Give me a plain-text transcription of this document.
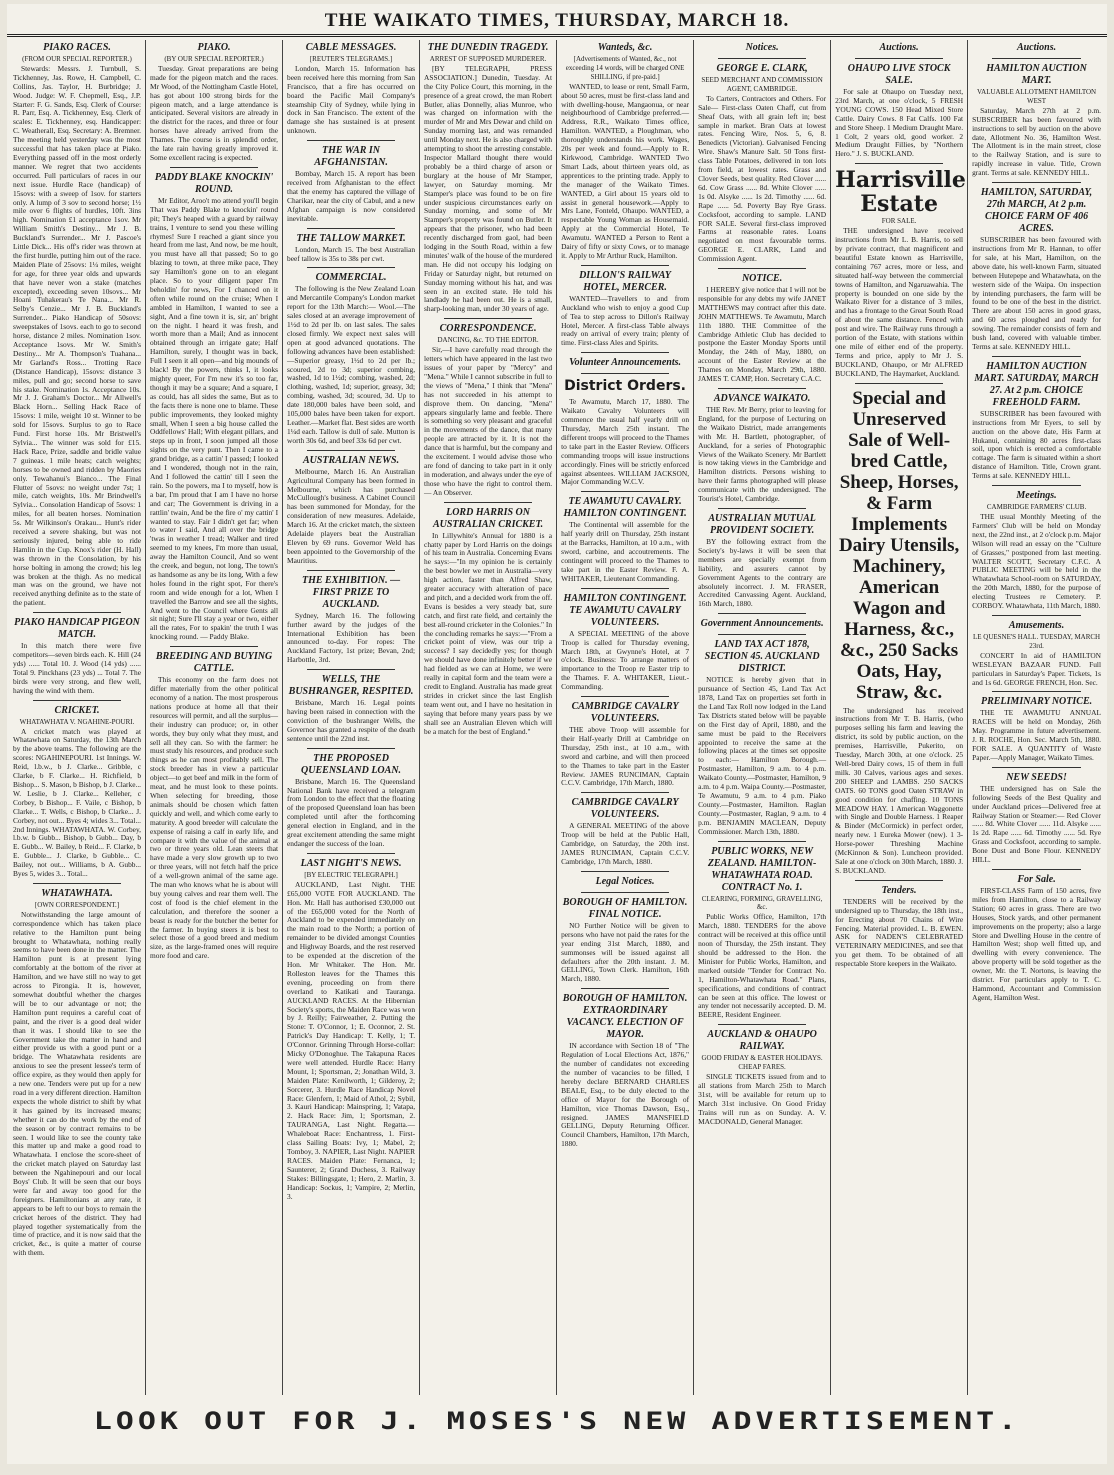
THE WAIKATO TIMES, THURSDAY, MARCH 18.
PIAKO RACES.
(FROM OUR SPECIAL REPORTER.)

Stewards: Messrs. J. Turnbull, S. Tickhenney, Jas. Rowe, H. Campbell, C. Collins, Jas. Taylor, H. Burbridge; J. Wood. Judge: W. F. Chepmell, Esq., J.P. Starter: F. G. Sands, Esq. Clerk of Course: R. Parr, Esq. A. Tickhenney, Esq. Clerk of scales: E. Tickhenney, esq. Handicapper: C. Weatherall, Esq. Secretary: A. Bremner. The meeting held yesterday was the most successful that has taken place at Piako. Everything passed off in the most orderly manner. We regret that two accidents occurred. Full particulars of races in our next issue. Hurdle Race (handicap) of 15sovs: with a sweep of 1sov. for starters only. A lump of 3 sov to second horse; 1½ mile over 6 flights of hurdles, 10ft. 3ins high. Nomination £1 acceptance 1sov. Mr William Smith's Destiny... Mr J. B. Buckland's Surrender... Mr J. Pascoe's Little Dick... His off's rider was thrown at the first hurdle, putting him out of the race. Maiden Plate of 25sovs: 1¼ miles, weight for age, for three year olds and upwards that have never won a stake (matches excepted), exceeding seven 10sovs... Mr Hoani Tuhakerau's Te Nana... Mr R. Selby's Cenzie... Mr J. B. Buckland's Surrender... Piako Handicap of 50sovs: sweepstakes of 1sovs. each to go to second horse, distance 2 miles. Nomination 1sov. Acceptance 1sovs. Mr W. Smith's Destiny... Mr A. Thompson's Tuahana... Mr Garland's Ross... Trotting Race (Distance Handicap), 15sovs: distance 3 miles, pull and go; second horse to save his stake. Nomination 1s. Acceptance 10s. Mr J. J. Graham's Doctor... Mr Allwell's Black Horn... Selling Hack Race of 15sovs: 1 mile, weight 10 st. Winner to be sold for 15sovs. Surplus to go to Race Fund. First horse 10s. Mr Bristwell's Sylvia... The winner was sold for £15. Hack Race, Prize, saddle and bridle value 7 guineas. 1 mile heats; catch weights; horses to be owned and ridden by Maories only. Tewahanui's Bianco... The Final Flutter of 5sovs: no weight under 7st; 1 mile, catch weights, 10s. Mr Brindwell's Sylvia... Consolation Handicap of 5sovs: 1 miles, for all beaten horses. Nomination 5s. Mr Wilkinson's Orakau... Hunt's rider received a severe shaking, but was not seriously injured, being able to ride Hamlin in the Cup. Knox's rider (H. Hall) was thrown in the Consolation, by his horse bolting in among the crowd; his leg was broken at the thigh. As no medical man was on the ground, we have not received anything definite as to the state of the patient.

PIAKO HANDICAP PIGEON MATCH.

In this match there were five competitors—seven birds each. K. Hill (24 yds) ...... Total 10. J. Wood (14 yds) ...... Total 9. Pinckhans (23 yds) ... Total 7. The birds were very strong, and flew well, having the wind with them.

CRICKET.
WHATAWHATA V. NGAHINE-POURI.

A cricket match was played at Whatawhata on Saturday, the 13th March by the above teams. The following are the scores: NGAHINEPOURI. 1st Innings. W. Reid, l.b.w., b J. Clarke... Gribble, c Clarke, b F. Clarke... H. Richfield, b Bishop... S. Mason, b Bishop, b J. Clarke... W. Leslie, b J. Clarke... Kelleher, c Corbey, b Bishop... F. Vaile, c Bishop, b Clarke... T. Wells, c Bishop, b Clarke... J. Corbey, not out... Byes 4; wides 3... Total... 2nd Innings. WHATAWHATA. W. Corbey, l.b.w. b Gubb... Bishop, b Gubb... Day, b E. Gubb... W. Bailey, b Reid... F. Clarke, b E. Gubble... J. Clarke, b Gubble... C. Bailey, not out... Williams, b A. Gubb... Byes 5, wides 3... Total...

WHATAWHATA.
[OWN CORRESPONDENT.]

Notwithstanding the large amount of correspondence which has taken place relative to the Hamilton punt being brought to Whatawhata, nothing really seems to have been done in the matter. The Hamilton punt is at present lying comfortably at the bottom of the river at Hamilton, and we have still no way to get across to Pirongia. It is, however, somewhat doubtful whether the charges will be to our advantage or not; the Hamilton punt requires a careful coat of paint, and the river is a good deal wider than it was. I should like to see the Government take the matter in hand and either provide us with a good punt or a bridge. The Whatawhata residents are anxious to see the present lessee's term of office expire, as they would then apply for a new one. Tenders were put up for a new road in a very different direction. Hamilton expects the whole district to shift by what it has gained by its increased means; whether it can do the work by the end of the season or by contract remains to be seen. I would like to see the county take this matter up and make a good road to Whatawhata. I enclose the score-sheet of the cricket match played on Saturday last between the Ngahinepouri and our local Boys' Club. It will be seen that our boys were far and away too good for the foreigners. Hamiltonians at any rate, it appears to be left to our boys to remain the cricket heroes of the district. They had played together systematically from the time of practice, and it is now said that the cricket, &c., is quite a matter of course with them.

PIAKO.
(BY OUR SPECIAL REPORTER.)

Tuesday. Great preparations are being made for the pigeon match and the races. Mr Wood, of the Nottingham Castle Hotel, has got about 100 strong birds for the pigeon match, and a large attendance is anticipated. Several visitors are already in the district for the races, and three or four horses have already arrived from the Thames. The course is in splendid order, the late rain having greatly improved it. Some excellent racing is expected.

PADDY BLAKE KNOCKIN' ROUND.

Mr Editor, Aroo't mo attend you'll begin That was Paddy Blake to knockin' round pit; They's heaped with a guard by railway trains, I venture to send you these willing rhymes! Sure I reached a giant since you heard from me last, And now, be me hoult, you must have all that passed; So to go blazing to town, at three mike pace, They say Hamilton's gone on to an elegant place. So to your diligent paper I'm beholdin' for news, For I chanced on it often while round on the cruise; When I ambled in Hamilton, I wanted to see a sight, And a fine town it is, sir, an' bright on the night. I heard it was fresh, and worth more than a Mail; And as innocent obtained through an irrigate gate; Half Hamilton, surely, I thought was in back, Full I seen it all open—and big mounds of black! By the powers, thinks I, it looks mighty queer, For I'm new it's so too far, though it may be a square; And a square, I as could, has all sides the same, But as to the facts there is none one to blame. These public improvements, they looked mighty small, When I seen a big house called the Oddfellows' Hall; With elegant pillars, and steps up in front, I soon jumped all those sights on the very punt. Then I came to a grand bridge, as a cattin' I passed; I looked and I wondered, though not in the rain, And I followed the cattin' till I seen the rain. So the powers, ma I to myself, how is a bar, I'm proud that I am I have no horse and car; The Government is driving in a rattlin' twain, And be the fire o' my cattin' I wanted to stay. Fair I didn't get far; when to water I said, And all over the bridge 'twas in weather I tread; Walker and tired seemed to my knees, I'm more than usual, away the Hamilton Council, And so went the creek, and begun, not long, The town's as handsome as any be its long, With a few holes found in the right spot, For there's room and wide enough for a lot, When I travelled the Barrow and see all the sights, And went to the Council where Gents all sit night; Sure I'll stay a year or two, either all the rates, For to spakin' the truth I was knocking round. — Paddy Blake.

BREEDING AND BUYING CATTLE.

This economy on the farm does not differ materially from the other political economy of a nation. The most prosperous nations produce at home all that their resources will permit, and all the surplus—their industry can produce; or, in other words, they buy only what they must, and sell all they can. So with the farmer: he must study his resources, and produce such things as he can most profitably sell. The stock breeder has in view a particular object—to get beef and milk in the form of meat, and he must look to these points. When selecting for breeding, those animals should be chosen which fatten quickly and well, and which come early to maturity. A good breeder will calculate the expense of raising a calf in early life, and compare it with the value of the animal at two or three years old. Lean steers that have made a very slow growth up to two or three years, will not fetch half the price of a well-grown animal of the same age. The man who knows what he is about will buy young calves and rear them well. The cost of food is the chief element in the calculation, and therefore the sooner a beast is ready for the butcher the better for the farmer. In buying steers it is best to select those of a good breed and medium size, as the large-framed ones will require more food and care.

CABLE MESSAGES.
[REUTER'S TELEGRAMS.]

London, March 15. Information has been received here this morning from San Francisco, that a fire has occurred on board the Pacific Mail Company's steamship City of Sydney, while lying in dock in San Francisco. The extent of the damage she has sustained is at present unknown.

THE WAR IN AFGHANISTAN.

Bombay, March 15. A report has been received from Afghanistan to the effect that the enemy has captured the village of Charikar, near the city of Cabul, and a new Afghan campaign is now considered inevitable.

THE TALLOW MARKET.

London, March 15. The best Australian beef tallow is 35s to 38s per cwt.

COMMERCIAL.

The following is the New Zealand Loan and Mercantile Company's London market report for the 13th March:— Wool.—The sales closed at an average improvement of 1½d to 2d per lb. on last sales. The sales closed firmly. We expect next sales will open at good advanced quotations. The following advances have been established:—Superior greasy, 1½d to 2d per lb.; scoured, 2d to 3d; superior combing, washed, 1d to 1½d; combing, washed, 2d; clothing, washed, 1d; superior, greasy, 3d; combing, washed, 3d; scoured, 3d. Up to date 180,000 bales have been sold, and 105,000 bales have been taken for export. Leather.—Market flat. Best sides are worth 1¼d each. Tallow is dull of sale. Mutton is worth 30s 6d, and beef 33s 6d per cwt.

AUSTRALIAN NEWS.

Melbourne, March 16. An Australian Agricultural Company has been formed in Melbourne, which has purchased McCullough's business. A Cabinet Council has been summoned for Monday, for the consideration of new measures. Adelaide, March 16. At the cricket match, the sixteen Adelaide players beat the Australian Eleven by 69 runs. Governor Weld has been appointed to the Governorship of the Mauritius.

THE EXHIBITION. — FIRST PRIZE TO AUCKLAND.

Sydney, March 16. The following further award by the judges of the International Exhibition has been announced to-day. For ropes: The Auckland Factory, 1st prize; Bevan, 2nd; Harbottle, 3rd.

WELLS, THE BUSHRANGER, RESPITED.

Brisbane, March 16. Legal points having been raised in connection with the conviction of the bushranger Wells, the Governor has granted a respite of the death sentence until the 22nd inst.

THE PROPOSED QUEENSLAND LOAN.

Brisbane, March 16. The Queensland National Bank have received a telegram from London to the effect that the floating of the proposed Queensland loan has been completed until after the forthcoming general election in England, and in the great excitement attending the same might endanger the success of the loan.

LAST NIGHT'S NEWS.
[BY ELECTRIC TELEGRAPH.]

AUCKLAND, Last Night. THE £65,000 VOTE FOR AUCKLAND. The Hon. Mr. Hall has authorised £30,000 out of the £65,000 voted for the North of Auckland to be expended immediately on the main road to the North; a portion of remainder to be divided amongst Counties and Highway Boards, and the rest reserved to be expended at the discretion of the Hon. Mr Whitaker. The Hon. Mr. Rolleston leaves for the Thames this evening, proceeding on from there overland to Katikati and Tauranga. AUCKLAND RACES. At the Hibernian Society's sports, the Maiden Race was won by J. Reilly; Fairweather, 2. Putting the Stone: T. O'Connor, 1; E. Oconnor, 2. St. Patrick's Day Handicap: T. Kelly, 1; T. O'Connor. Grinning Through Horse-collar: Micky O'Donoghue. The Takapuna Races were well attended. Hurdle Race: Harry Mount, 1; Sportsman, 2; Jonathan Wild, 3. Maiden Plate: Kenilworth, 1; Gilderoy, 2; Sorcerer, 3. Hurdle Race Handicap Novel Race: Glenfern, 1; Maid of Athol, 2; Sybil, 3. Kauri Handicap: Mainspring, 1; Vatapa, 2. Hack Race: Jim, 1; Sportsman, 2. TAURANGA, Last Night. Regatta.—Whaleboat Race: Enchantress, 1. First-class Sailing Boats: Ivy, 1; Mabel, 2; Tomboy, 3. NAPIER, Last Night. NAPIER RACES. Maiden Plate: Fernanca, 1; Saunterer, 2; Grand Duchess, 3. Railway Stakes: Billingsgate, 1; Hero, 2. Marlin, 3. Handicap: Sockus, 1; Vampire, 2; Merlin, 3.

THE DUNEDIN TRAGEDY.
ARREST OF SUPPOSED MURDERER.

[BY TELEGRAPH, PRESS ASSOCIATION.] Dunedin, Tuesday. At the City Police Court, this morning, in the presence of a great crowd, the man Robert Butler, alias Donnelly, alias Munroe, who was charged on information with the murder of Mr and Mrs Dewar and child on Sunday morning last, and was remanded until Monday next. He is also charged with attempting to shoot the arresting constable. Inspector Mallard thought there would probably be a third charge of arson or burglary at the house of Mr Stamper, lawyer, on Saturday morning. Mr Stamper's place was found to be on fire under suspicious circumstances early on Sunday morning, and some of Mr Stamper's property was found on Butler. It appears that the prisoner, who had been recently discharged from gaol, had been lodging in the South Road, within a few minutes' walk of the house of the murdered man. He did not occupy his lodging on Friday or Saturday night, but returned on Sunday morning without his hat, and was seen in an excited state. He told his landlady he had been out. He is a small, sharp-looking man, under 30 years of age.

CORRESPONDENCE.
DANCING, &c. TO THE EDITOR.

Sir,—I have carefully read through the letters which have appeared in the last two issues of your paper by "Mercy" and "Mena." While I cannot subscribe in full to the views of "Mena," I think that "Mena" has not succeeded in his attempt to disprove them. On dancing, "Mena" appears singularly lame and feeble. There is something so very pleasant and graceful in the movements of the dance, that many people are attracted by it. It is not the dance that is harmful, but the company and the excitement. I would advise those who are fond of dancing to take part in it only in moderation, and always under the eye of those who have the right to control them. — An Observer.

LORD HARRIS ON AUSTRALIAN CRICKET.

In Lillywhite's Annual for 1880 is a chatty paper by Lord Harris on the doings of his team in Australia. Concerning Evans he says:—"In my opinion he is certainly the best bowler we met in Australia—very high action, faster than Alfred Shaw, greater accuracy with alteration of pace and pitch, and a decided work from the off. Evans is besides a very steady bat, sure catch, and first rate field, and certainly the best all-round cricketer in the Colonies." In the concluding remarks he says:—"From a cricket point of view, was our trip a success? I say decidedly yes; for though we should have done infinitely better if we had fielded as we can at Home, we were really in capital form and the team were a credit to England. Australia has made great strides in cricket since the last English team went out, and I have no hesitation in saying that before many years pass by we shall see an Australian Eleven which will be a match for the best of England."

Wanteds, &c.
[Advertisements of Wanted, &c., not exceeding 14 words, will be charged ONE SHILLING, if pre-paid.]

WANTED, to lease or rent, Small Farm, about 50 acres, must be first-class land and with dwelling-house, Mangaonua, or near neighbourhood of Cambridge preferred.—Address, R.R., Waikato Times office, Hamilton. WANTED, a Ploughman, who thoroughly understands his work. Wages, 20s per week and found.—Apply to R. Kirkwood, Cambridge. WANTED Two Smart Lads, about thirteen years old, as apprentices to the printing trade. Apply to the manager of the Waikato Times. WANTED, a Girl about 15 years old to assist in general housework.—Apply to Mrs Lane, Fonteld, Ohaupo. WANTED, a respectable Young Woman as Housemaid. Apply at the Commercial Hotel, Te Awamutu. WANTED a Person to Rent a Dairy of fifty or sixty Cows, or to manage it. Apply to Mr Arthur Ruck, Hamilton.

DILLON'S RAILWAY HOTEL, MERCER.

WANTED—Travellers to and from Auckland who wish to enjoy a good Cup of Tea to step across to Dillon's Railway Hotel, Mercer. A first-class Table always ready on arrival of every train; plenty of time. First-class Ales and Spirits.

Volunteer Announcements.
District Orders.

Te Awamutu, March 17, 1880. The Waikato Cavalry Volunteers will commence the usual half yearly drill on Thursday, March 25th instant. The different troops will proceed to the Thames to take part in the Easter Review. Officers commanding troops will issue instructions accordingly. Fines will be strictly enforced against absentees. WILLIAM JACKSON, Major Commanding W.C.V.

TE AWAMUTU CAVALRY. HAMILTON CONTINGENT.

The Continental will assemble for the half yearly drill on Thursday, 25th instant at the Barracks, Hamilton, at 10 a.m., with sword, carbine, and accoutrements. The contingent will proceed to the Thames to take part in the Easter Review. F. A. WHITAKER, Lieutenant Commanding.

HAMILTON CONTINGENT. TE AWAMUTU CAVALRY VOLUNTEERS.

A SPECIAL MEETING of the above Troop is called for Thursday evening, March 18th, at Gwynne's Hotel, at 7 o'clock. Business: To arrange matters of importance to the Troop re Easter trip to the Thames. F. A. WHITAKER, Lieut.-Commanding.

CAMBRIDGE CAVALRY VOLUNTEERS.

THE above Troop will assemble for their Half-yearly Drill at Cambridge on Thursday, 25th inst., at 10 a.m., with sword and carbine, and will then proceed to the Thames to take part in the Easter Review. JAMES RUNCIMAN, Captain C.C.V. Cambridge, 17th March, 1880.

CAMBRIDGE CAVALRY VOLUNTEERS.

A GENERAL MEETING of the above Troop will be held at the Public Hall, Cambridge, on Saturday, the 20th inst. JAMES RUNCIMAN, Captain C.C.V. Cambridge, 17th March, 1880.

Legal Notices.
BOROUGH OF HAMILTON. FINAL NOTICE.

NO Further Notice will be given to persons who have not paid the rates for the year ending 31st March, 1880, and summonses will be issued against all defaulters after the 20th instant. J. M. GELLING, Town Clerk. Hamilton, 16th March, 1880.

BOROUGH OF HAMILTON. EXTRAORDINARY VACANCY. ELECTION OF MAYOR.

IN accordance with Section 18 of "The Regulation of Local Elections Act, 1876," the number of candidates not exceeding the number of vacancies to be filled, I hereby declare BERNARD CHARLES BEALE, Esq., to be duly elected to the office of Mayor for the Borough of Hamilton, vice Thomas Dawson, Esq., resigned. JAMES MANSFIELD GELLING, Deputy Returning Officer. Council Chambers, Hamilton, 17th March, 1880.

Notices.
GEORGE E. CLARK,
SEED MERCHANT AND COMMISSION AGENT, CAMBRIDGE.

To Carters, Contractors and Others. For Sale— First-class Oaten Chaff, cut from Sheaf Oats, with all grain left in; best sample in market. Bran Oats at lowest rates. Fencing Wire, Nos. 5, 6, 8. Benedicts (Victorian). Galvanised Fencing Wire. Shaw's Manure Salt. 50 Tons first-class Table Potatoes, delivered in ton lots from field, at lowest rates. Grass and Clover Seeds, best quality. Red Clover ...... 6d. Cow Grass ...... 8d. White Clover ...... 1s 0d. Alsyke ...... 1s 2d. Timothy ...... 6d. Rape ...... 5d. Poverty Bay Rye Grass. Cocksfoot, according to sample. LAND FOR SALE. Several first-class improved Farms at reasonable rates. Loans negotiated on most favourable terms. GEORGE E. CLARK, Land and Commission Agent.

NOTICE.

I HEREBY give notice that I will not be responsible for any debts my wife JANET MATTHEWS may contract after this date. JOHN MATTHEWS. Te Awamutu, March 11th 1880. THE Committee of the Cambridge Athletic Club has decided to postpone the Easter Monday Sports until Monday, the 24th of May, 1880, on account of the Easter Review at the Thames on Monday, March 29th, 1880. JAMES T. CAMP, Hon. Secretary C.A.C.

ADVANCE WAIKATO.

THE Rev. Mr Berry, prior to leaving for England, for the purpose of Lecturing on the Waikato District, made arrangements with Mr. H. Bartlett, photographer, of Auckland, for a series of Photographic Views of the Waikato Scenery. Mr Bartlett is now taking views in the Cambridge and Hamilton districts. Persons wishing to have their farms photographed will please communicate with the undersigned. The Tourist's Hotel, Cambridge.

AUSTRALIAN MUTUAL PROVIDENT SOCIETY.

BY the following extract from the Society's by-laws it will be seen that members are specially exempt from liability, and assurers cannot by Government Agents to the contrary are absolutely incorrect. J. M. FRASER, Accredited Canvassing Agent. Auckland, 16th March, 1880.

Government Announcements.
LAND TAX ACT 1878, SECTION 45. AUCKLAND DISTRICT.

NOTICE is hereby given that in pursuance of Section 45, Land Tax Act 1878, Land Tax on properties set forth in the Land Tax Roll now lodged in the Land Tax Districts stated below will be payable on the First day of April, 1880, and the same must be paid to the Receivers appointed to receive the same at the following places at the times set opposite to each:— Hamilton Borough.—Postmaster, Hamilton, 9 a.m. to 4 p.m. Waikato County.—Postmaster, Hamilton, 9 a.m. to 4 p.m. Waipa County.—Postmaster, Te Awamutu, 9 a.m. to 4 p.m. Piako County.—Postmaster, Hamilton. Raglan County.—Postmaster, Raglan, 9 a.m. to 4 p.m. BENJAMIN MACLEAN, Deputy Commissioner. March 13th, 1880.

PUBLIC WORKS, NEW ZEALAND. HAMILTON-WHATAWHATA ROAD. CONTRACT No. 1.
CLEARING, FORMING, GRAVELLING, &c.

Public Works Office, Hamilton, 17th March, 1880. TENDERS for the above contract will be received at this office until noon of Thursday, the 25th instant. They should be addressed to the Hon. the Minister for Public Works, Hamilton, and marked outside "Tender for Contract No. 1, Hamilton-Whatawhata Road." Plans, specifications, and conditions of contract can be seen at this office. The lowest or any tender not necessarily accepted. D. M. BEERE, Resident Engineer.

AUCKLAND & OHAUPO RAILWAY.
GOOD FRIDAY & EASTER HOLIDAYS. CHEAP FARES.

SINGLE TICKETS issued from and to all stations from March 25th to March 31st, will be available for return up to March 31st inclusive. On Good Friday Trains will run as on Sunday. A. V. MACDONALD, General Manager.

Auctions.
OHAUPO LIVE STOCK SALE.

For sale at Ohaupo on Tuesday next, 23rd March, at one o'clock, 5 FRESH YOUNG COWS. 150 Head Mixed Store Cattle. Dairy Cows. 8 Fat Calfs. 100 Fat and Store Sheep. 1 Medium Draught Mare. 1 Colt, 2 years old, good worker. 2 Medium Draught Fillies, by "Northern Hero." J. S. BUCKLAND.

Harrisville Estate
FOR SALE.

THE undersigned have received instructions from Mr L. B. Harris, to sell by private contract, that magnificent and beautiful Estate known as Harrisville, containing 767 acres, more or less, and situated half-way between the commercial towns of Hamilton, and Ngaruawahia. The property is bounded on one side by the Waikato River for a distance of 3 miles, and has a frontage to the Great South Road of about the same distance. Fenced with post and wire. The Railway runs through a portion of the Estate, with stations within one mile of either end of the property. Terms and price, apply to Mr J. S. BUCKLAND, Ohaupo, or Mr ALFRED BUCKLAND, The Haymarket, Auckland.

Special and Unreserved Sale of Well-bred Cattle, Sheep, Horses, & Farm Implements Dairy Utensils, Machinery, American Wagon and Harness, &c., &c., 250 Sacks Oats, Hay, Straw, &c.

The undersigned has received instructions from Mr T. B. Harris, (who purposes selling his farm and leaving the district, its sold by public auction, on the premises, Harrisville, Pukerito, on Tuesday, March 30th, at one o'clock. 25 Well-bred Dairy cows, 15 of them in full milk. 30 Calves, various ages and sexes. 200 SHEEP and LAMBS. 250 SACKS OATS. 60 TONS good Oaten STRAW in good condition for chaffing. 10 TONS MEADOW HAY. 1 American Waggonette with Single and Double Harness. 1 Reaper & Binder (McCormick) in perfect order, nearly new. 1 Eureka Mower (new). 1 3-Horse-power Threshing Machine (McKinnon & Son). Luncheon provided. Sale at one o'clock on 30th March, 1880. J. S. BUCKLAND.

Tenders.

TENDERS will be received by the undersigned up to Thursday, the 18th inst., for Erecting about 70 Chains of Wire Fencing. Material provided. L. B. EWEN. ASK for NADEN'S CELEBRATED VETERINARY MEDICINES, and see that you get them. To be obtained of all respectable Store keepers in the Waikato.

Auctions.
HAMILTON AUCTION MART.
VALUABLE ALLOTMENT HAMILTON WEST

Saturday, March 27th at 2 p.m. SUBSCRIBER has been favoured with instructions to sell by auction on the above date, Allotment No. 36, Hamilton West. The Allotment is in the main street, close to the Railway Station, and is sure to rapidly increase in value. Title, Crown grant. Terms at sale. KENNEDY HILL.

HAMILTON, SATURDAY, 27th MARCH, At 2 p.m. CHOICE FARM OF 406 ACRES.

SUBSCRIBER has been favoured with instructions from Mr R. Hannan, to offer for sale, at his Mart, Hamilton, on the above date, his well-known Farm, situated between Hutepepe and Whatawhata, on the western side of the Waipa. On inspection by intending purchasers, the farm will be found to be one of the best in the district. There are about 150 acres in good grass, and 60 acres ploughed and ready for sowing. The remainder consists of fern and bush land, covered with valuable timber. Terms at sale. KENNEDY HILL.

HAMILTON AUCTION MART. SATURDAY, MARCH 27. At 2 p.m. CHOICE FREEHOLD FARM.

SUBSCRIBER has been favoured with instructions from Mr Eyers, to sell by auction on the above date, His Farm at Hukanui, containing 80 acres first-class soil, upon which is erected a comfortable cottage. The farm is situated within a short distance of Hamilton. Title, Crown grant. Terms at sale. KENNEDY HILL.

Meetings.
CAMBRIDGE FARMERS' CLUB.

THE usual Monthly Meeting of the Farmers' Club will be held on Monday next, the 22nd inst., at 2 o'clock p.m. Major Wilson will read an essay on the "Culture of Grasses," postponed from last meeting. WALTER SCOTT, Secretary C.F.C. A PUBLIC MEETING will be held in the Whatawhata School-room on SATURDAY, the 20th March, 1880, for the purpose of electing Trustees re Cemetery. P. CORBOY. Whatawhata, 11th March, 1880.

Amusements.
LE QUESNE'S HALL. TUESDAY, MARCH 23rd.

CONCERT In aid of HAMILTON WESLEYAN BAZAAR FUND. Full particulars in Saturday's Paper. Tickets, 1s and 1s 6d. GEORGE FRENCH, Hon. Sec.

PRELIMINARY NOTICE.

THE TE AWAMUTU ANNUAL RACES will be held on Monday, 26th May. Programme in future advertisement. J. R. ROCHE, Hon. Sec. March 5th, 1880. FOR SALE. A QUANTITY of Waste Paper.—Apply Manager, Waikato Times.

NEW SEEDS!

THE undersigned has on Sale the following Seeds of the Best Quality and under Auckland prices—Delivered free at Railway Station or Steamer:— Red Clover ...... 8d. White Clover ...... 11d. Alsyke ...... 1s 2d. Rape ...... 6d. Timothy ...... 5d. Rye Grass and Cocksfoot, according to sample. Bone Dust and Bone Flour. KENNEDY HILL.

For Sale.

FIRST-CLASS Farm of 150 acres, five miles from Hamilton, close to a Railway Station; 60 acres in grass. There are two Houses, Stock yards, and other permanent improvements on the property; also a large Store and Dwelling House in the centre of Hamilton West; shop well fitted up, and dwelling with every convenience. The above property will be sold together as the owner, Mr. the T. Nortons, is leaving the district. For particulars apply to T. C. Hammond, Accountant and Commission Agent, Hamilton West.

LOOK OUT FOR J. MOSES'S NEW ADVERTISEMENT.
